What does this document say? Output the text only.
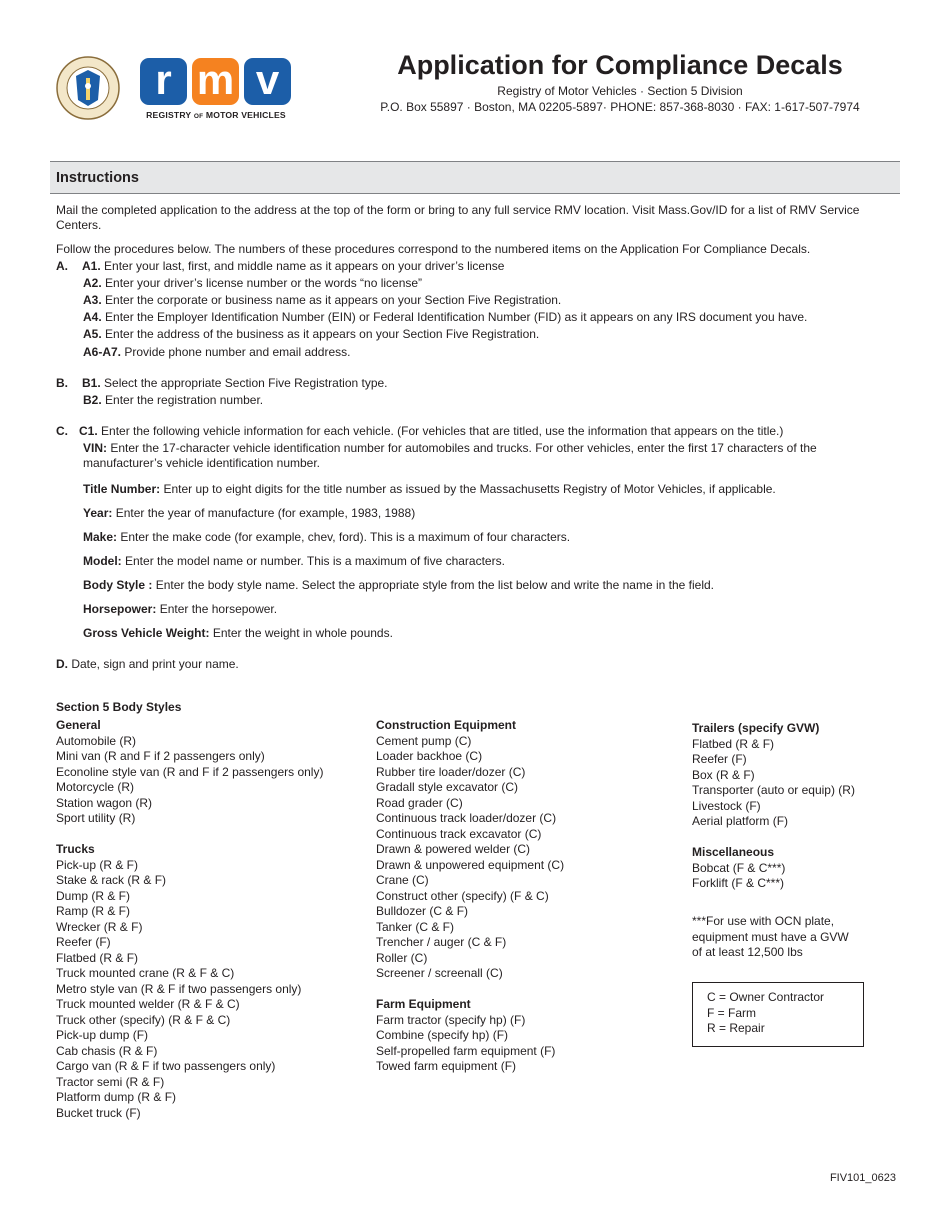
r m v
REGISTRY OF MOTOR VEHICLES
Application for Compliance Decals
Registry of Motor Vehicles · Section 5 Division
P.O. Box 55897 · Boston, MA 02205-5897· PHONE: 857-368-8030 · FAX: 1-617-507-7974
Instructions
Mail the completed application to the address at the top of the form or bring to any full service RMV location. Visit Mass.Gov/ID for a list of RMV Service Centers.
Follow the procedures below. The numbers of these procedures correspond to the numbered items on the Application For Compliance Decals.
A. A1. Enter your last, first, and middle name as it appears on your driver’s license
A2. Enter your driver’s license number or the words “no license”
A3. Enter the corporate or business name as it appears on your Section Five Registration.
A4. Enter the Employer Identification Number (EIN) or Federal Identification Number (FID) as it appears on any IRS document you have.
A5. Enter the address of the business as it appears on your Section Five Registration.
A6-A7. Provide phone number and email address.
B. B1. Select the appropriate Section Five Registration type.
B2. Enter the registration number.
C. C1. Enter the following vehicle information for each vehicle. (For vehicles that are titled, use the information that appears on the title.)
VIN: Enter the 17-character vehicle identification number for automobiles and trucks. For other vehicles, enter the first 17 characters of the manufacturer’s vehicle identification number.
Title Number: Enter up to eight digits for the title number as issued by the Massachusetts Registry of Motor Vehicles, if applicable.
Year: Enter the year of manufacture (for example, 1983, 1988)
Make: Enter the make code (for example, chev, ford). This is a maximum of four characters.
Model: Enter the model name or number. This is a maximum of five characters.
Body Style : Enter the body style name. Select the appropriate style from the list below and write the name in the field.
Horsepower: Enter the horsepower.
Gross Vehicle Weight: Enter the weight in whole pounds.
D. Date, sign and print your name.
Section 5 Body Styles
General
Automobile (R)
Mini van (R and F if 2 passengers only)
Econoline style van (R and F if 2 passengers only)
Motorcycle (R)
Station wagon (R)
Sport utility (R)
Trucks
Pick-up (R & F)
Stake & rack (R & F)
Dump (R & F)
Ramp (R & F)
Wrecker (R & F)
Reefer (F)
Flatbed (R & F)
Truck mounted crane (R & F & C)
Metro style van (R & F if two passengers only)
Truck mounted welder (R & F & C)
Truck other (specify) (R & F & C)
Pick-up dump (F)
Cab chasis (R & F)
Cargo van (R & F if two passengers only)
Tractor semi (R & F)
Platform dump (R & F)
Bucket truck (F)
Construction Equipment
Cement pump (C)
Loader backhoe (C)
Rubber tire loader/dozer (C)
Gradall style excavator (C)
Road grader (C)
Continuous track loader/dozer (C)
Continuous track excavator (C)
Drawn & powered welder (C)
Drawn & unpowered equipment (C)
Crane (C)
Construct other (specify) (F & C)
Bulldozer (C & F)
Tanker (C & F)
Trencher / auger (C & F)
Roller (C)
Screener / screenall (C)
Farm Equipment
Farm tractor (specify hp) (F)
Combine (specify hp) (F)
Self-propelled farm equipment (F)
Towed farm equipment (F)
Trailers (specify GVW)
Flatbed (R & F)
Reefer (F)
Box (R & F)
Transporter (auto or equip) (R)
Livestock (F)
Aerial platform (F)
Miscellaneous
Bobcat (F & C***)
Forklift (F & C***)
***For use with OCN plate,
equipment must have a GVW
of at least 12,500 lbs
C = Owner Contractor
F = Farm
R = Repair
FIV101_0623
